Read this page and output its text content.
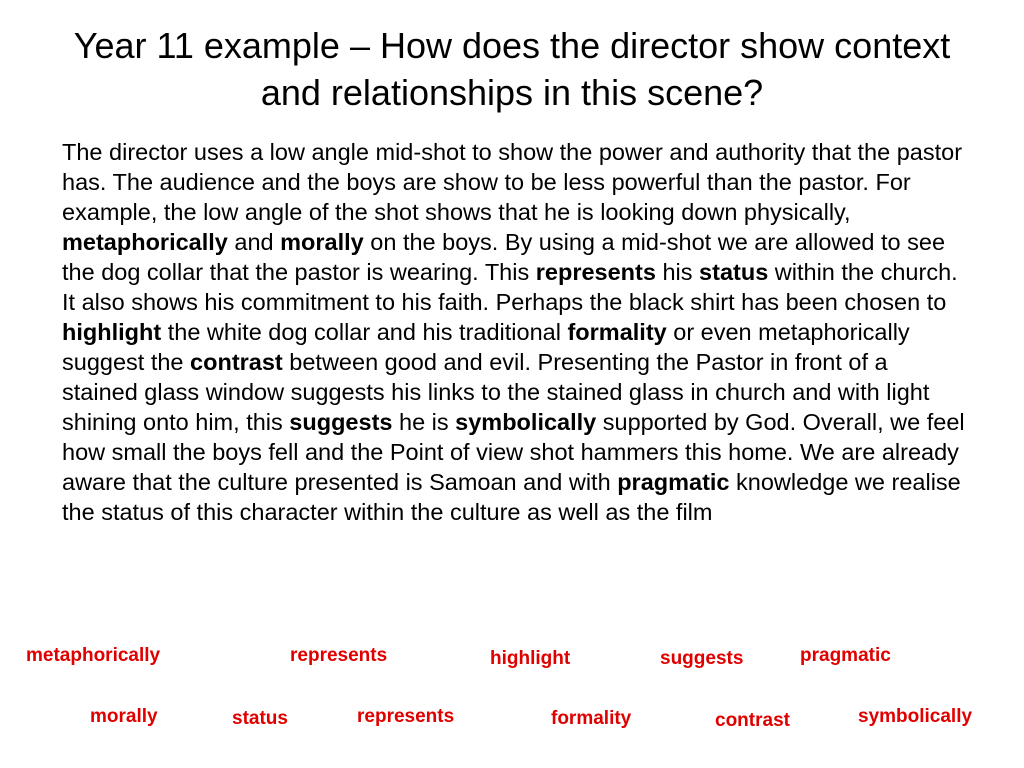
Year 11 example – How does the director show context and relationships in this scene?

The director uses a low angle mid-shot to show the power and authority that the pastor has. The audience and the boys are show to be less powerful than the pastor. For example, the low angle of the shot shows that he is looking down physically, metaphorically and morally on the boys. By using a mid-shot we are allowed to see the dog collar that the pastor is wearing. This represents his status within the church. It also shows his commitment to his faith. Perhaps the black shirt has been chosen to highlight the white dog collar and his traditional formality or even metaphorically suggest the contrast between good and evil. Presenting the Pastor in front of a stained glass window suggests his links to the stained glass in church and with light shining onto him, this suggests he is symbolically supported by God. Overall, we feel how small the boys fell and the Point of view shot hammers this home. We are already aware that the culture presented is Samoan and with pragmatic knowledge we realise the status of this character within the culture as well as the film

metaphorically	represents	highlight	suggests	pragmatic
morally	status	represents	formality	contrast	symbolically
